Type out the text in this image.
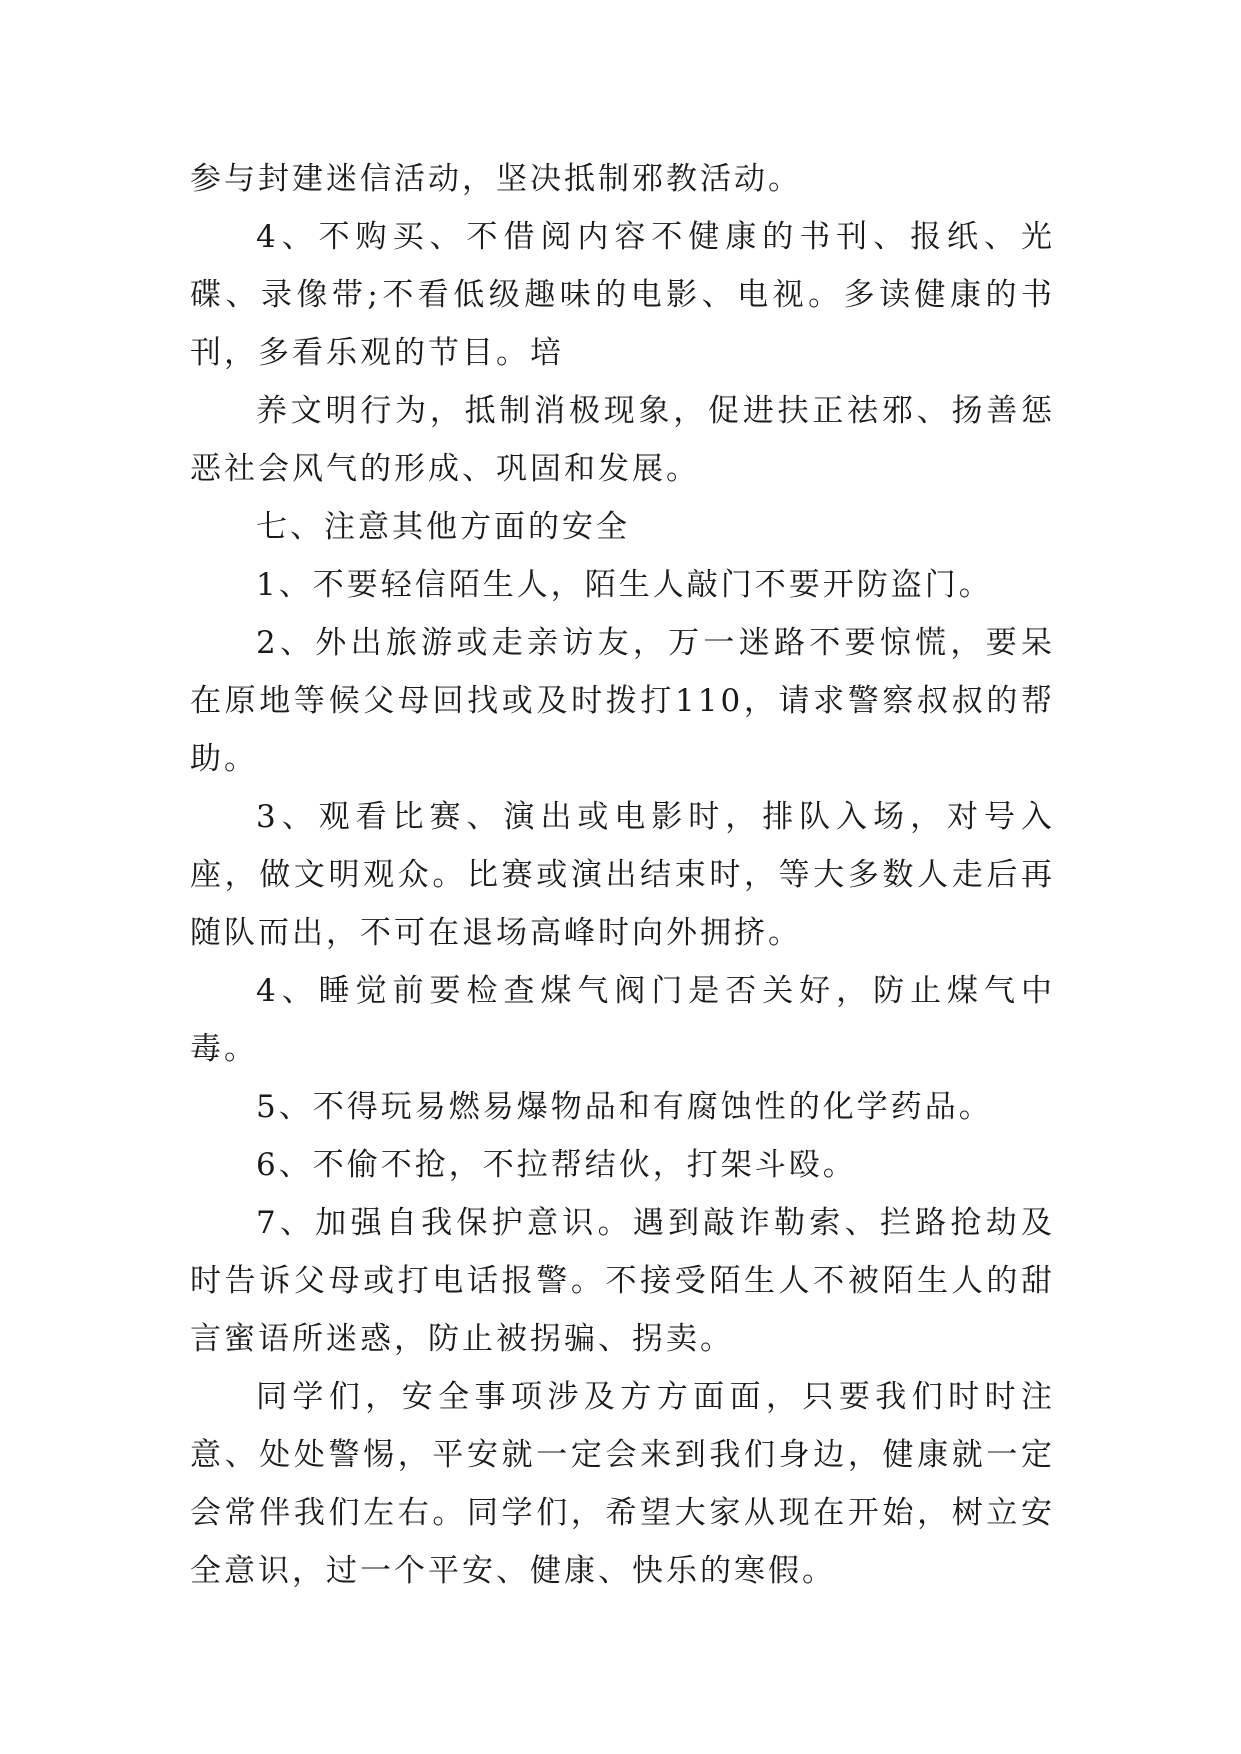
参与封建迷信活动，坚决抵制邪教活动。

4、不购买、不借阅内容不健康的书刊、报纸、光碟、录像带;不看低级趣味的电影、电视。多读健康的书刊，多看乐观的节目。培

养文明行为，抵制消极现象，促进扶正祛邪、扬善惩恶社会风气的形成、巩固和发展。

七、注意其他方面的安全

1、不要轻信陌生人，陌生人敲门不要开防盗门。

2、外出旅游或走亲访友，万一迷路不要惊慌，要呆在原地等候父母回找或及时拨打110，请求警察叔叔的帮助。

3、观看比赛、演出或电影时，排队入场，对号入座，做文明观众。比赛或演出结束时，等大多数人走后再随队而出，不可在退场高峰时向外拥挤。

4、睡觉前要检查煤气阀门是否关好，防止煤气中毒。

5、不得玩易燃易爆物品和有腐蚀性的化学药品。

6、不偷不抢，不拉帮结伙，打架斗殴。

7、加强自我保护意识。遇到敲诈勒索、拦路抢劫及时告诉父母或打电话报警。不接受陌生人不被陌生人的甜言蜜语所迷惑，防止被拐骗、拐卖。

同学们，安全事项涉及方方面面，只要我们时时注意、处处警惕，平安就一定会来到我们身边，健康就一定会常伴我们左右。同学们，希望大家从现在开始，树立安全意识，过一个平安、健康、快乐的寒假。
